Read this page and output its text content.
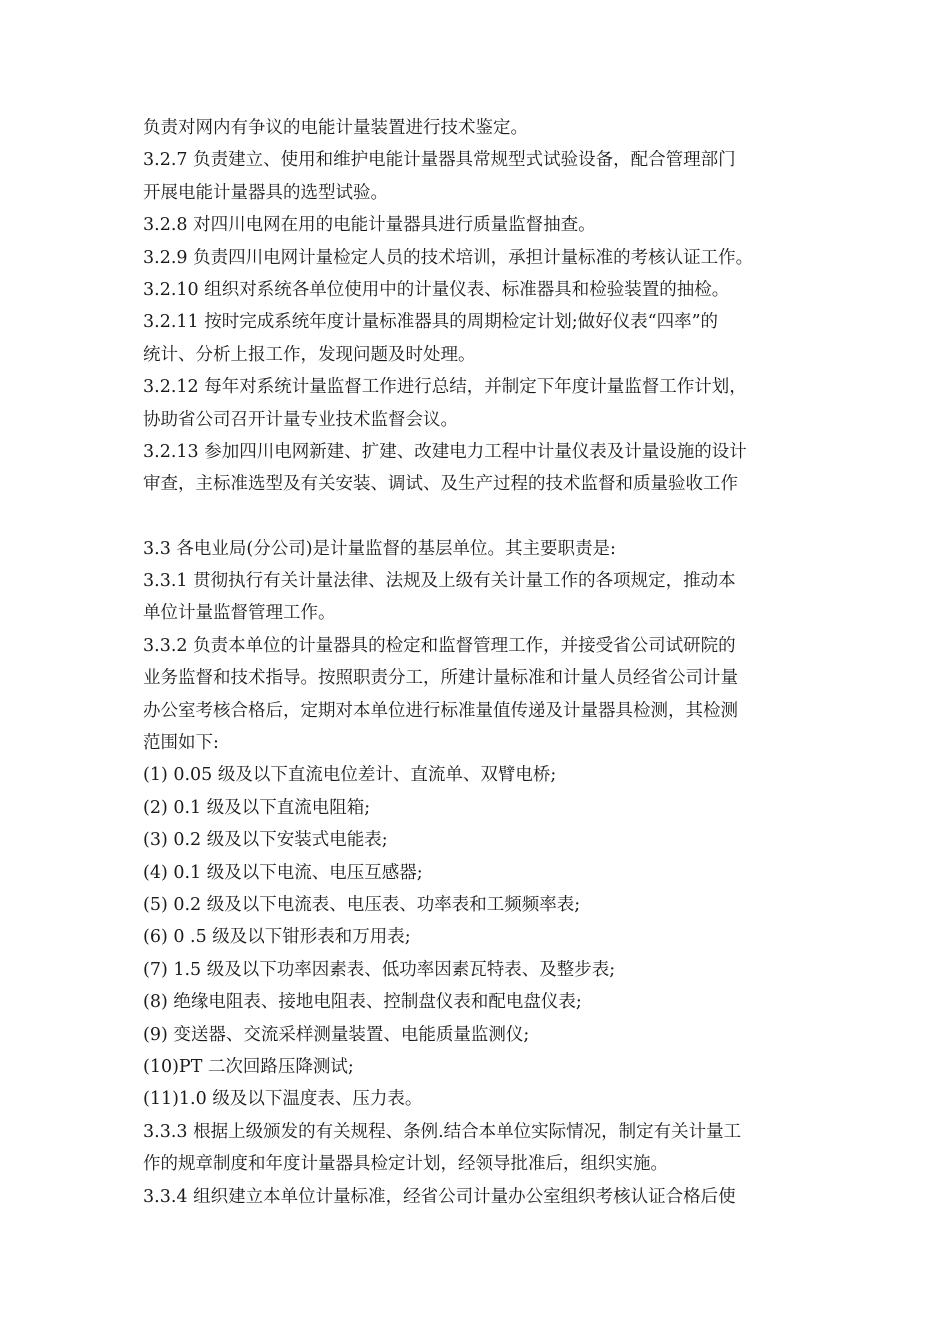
负责对网内有争议的电能计量装置进行技术鉴定。
3.2.7 负责建立、使用和维护电能计量器具常规型式试验设备，配合管理部门
开展电能计量器具的选型试验。
3.2.8 对四川电网在用的电能计量器具进行质量监督抽查。
3.2.9 负责四川电网计量检定人员的技术培训，承担计量标准的考核认证工作。
3.2.10 组织对系统各单位使用中的计量仪表、标准器具和检验装置的抽检。
3.2.11 按时完成系统年度计量标准器具的周期检定计划;做好仪表“四率”的
统计、分析上报工作，发现问题及时处理。
3.2.12 每年对系统计量监督工作进行总结，并制定下年度计量监督工作计划，
协助省公司召开计量专业技术监督会议。
3.2.13 参加四川电网新建、扩建、改建电力工程中计量仪表及计量设施的设计
审查，主标准选型及有关安装、调试、及生产过程的技术监督和质量验收工作
3.3 各电业局(分公司)是计量监督的基层单位。其主要职责是:
3.3.1 贯彻执行有关计量法律、法规及上级有关计量工作的各项规定，推动本
单位计量监督管理工作。
3.3.2 负责本单位的计量器具的检定和监督管理工作，并接受省公司试研院的
业务监督和技术指导。按照职责分工，所建计量标准和计量人员经省公司计量
办公室考核合格后，定期对本单位进行标准量值传递及计量器具检测，其检测
范围如下:
(1) 0.05 级及以下直流电位差计、直流单、双臂电桥;
(2) 0.1 级及以下直流电阻箱;
(3) 0.2 级及以下安装式电能表;
(4) 0.1 级及以下电流、电压互感器;
(5) 0.2 级及以下电流表、电压表、功率表和工频频率表;
(6) 0 .5 级及以下钳形表和万用表;
(7) 1.5 级及以下功率因素表、低功率因素瓦特表、及整步表;
(8) 绝缘电阻表、接地电阻表、控制盘仪表和配电盘仪表;
(9) 变送器、交流采样测量装置、电能质量监测仪;
(10)PT 二次回路压降测试;
(11)1.0 级及以下温度表、压力表。
3.3.3 根据上级颁发的有关规程、条例.结合本单位实际情况，制定有关计量工
作的规章制度和年度计量器具检定计划，经领导批准后，组织实施。
3.3.4 组织建立本单位计量标准，经省公司计量办公室组织考核认证合格后使
